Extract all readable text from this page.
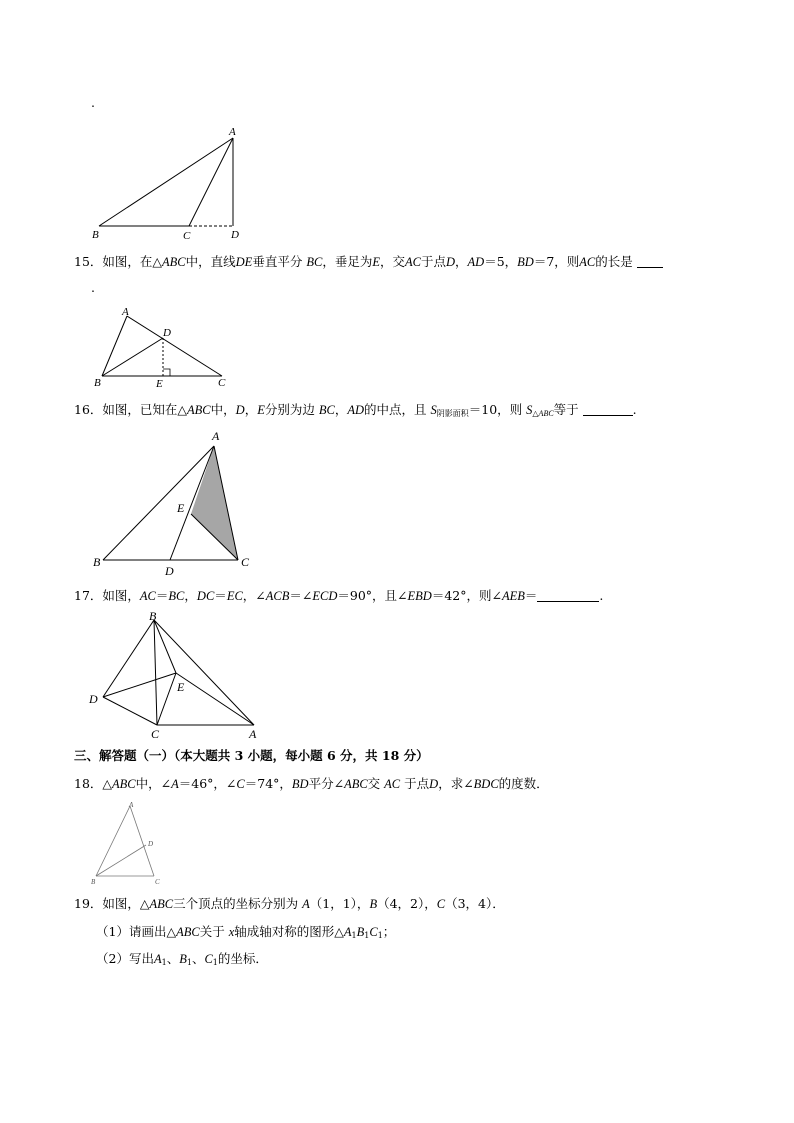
.
A
B	C	D
15．如图，在△ABC中，直线DE垂直平分 BC，垂足为E，交AC于点D，AD＝5，BD＝7，则AC的长是
.
A
D
B	E	C
16．如图，已知在△ABC中，D，E分别为边 BC，AD的中点，且 $S_{阴影面积}=10$，则 $S_{\triangle ABC}$等于	.
A
E
B
D
C
17．如图，AC＝BC，DC＝EC，∠ACB＝∠ECD＝90°，且∠EBD＝42°，则∠AEB＝	.
B
E
D
C	A
三、解答题（一）（本大题共 3 小题，每小题 6 分，共 18 分）
18．△ABC中，∠A＝46°，∠C＝74°，BD平分∠ABC交 AC 于点D，求∠BDC的度数．
A
D
B	C
19．如图，△ABC三个顶点的坐标分别为 A（1，1），B（4，2），C（3，4）．
（1）请画出△ABC关于 x轴成轴对称的图形$\triangle A_1B_1C_1$；
（2）写出$A_1$、$B_1$、$C_1$的坐标．
